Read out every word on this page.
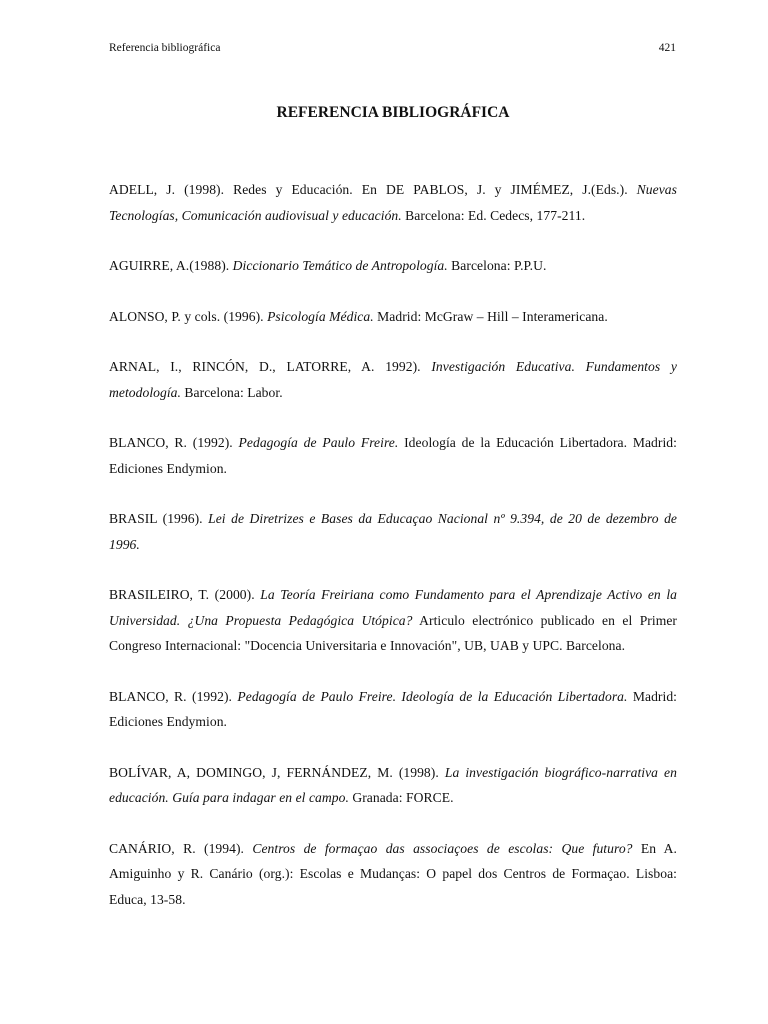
Referencia bibliográfica	421
REFERENCIA BIBLIOGRÁFICA

ADELL, J. (1998). Redes y Educación. En DE PABLOS, J. y JIMÉMEZ, J.(Eds.). Nuevas Tecnologías, Comunicación audiovisual y educación. Barcelona: Ed. Cedecs, 177-211.

AGUIRRE, A.(1988). Diccionario Temático de Antropología. Barcelona: P.P.U.

ALONSO, P. y cols. (1996). Psicología Médica. Madrid: McGraw – Hill – Interamericana.

ARNAL, I., RINCÓN, D., LATORRE, A. 1992). Investigación Educativa. Fundamentos y metodología. Barcelona: Labor.

BLANCO, R. (1992). Pedagogía de Paulo Freire. Ideología de la Educación Libertadora. Madrid: Ediciones Endymion.

BRASIL (1996). Lei de Diretrizes e Bases da Educaçao Nacional nº 9.394, de 20 de dezembro de 1996.

BRASILEIRO, T. (2000). La Teoría Freiriana como Fundamento para el Aprendizaje Activo en la Universidad. ¿Una Propuesta Pedagógica Utópica? Articulo electrónico publicado en el Primer Congreso Internacional: "Docencia Universitaria e Innovación", UB, UAB y UPC. Barcelona.

BLANCO, R. (1992). Pedagogía de Paulo Freire. Ideología de la Educación Libertadora. Madrid: Ediciones Endymion.

BOLÍVAR, A, DOMINGO, J, FERNÁNDEZ, M. (1998). La investigación biográfico-narrativa en educación. Guía para indagar en el campo. Granada: FORCE.

CANÁRIO, R. (1994). Centros de formaçao das associaçoes de escolas: Que futuro? En A. Amiguinho y R. Canário (org.): Escolas e Mudanças: O papel dos Centros de Formaçao. Lisboa: Educa, 13-58.
